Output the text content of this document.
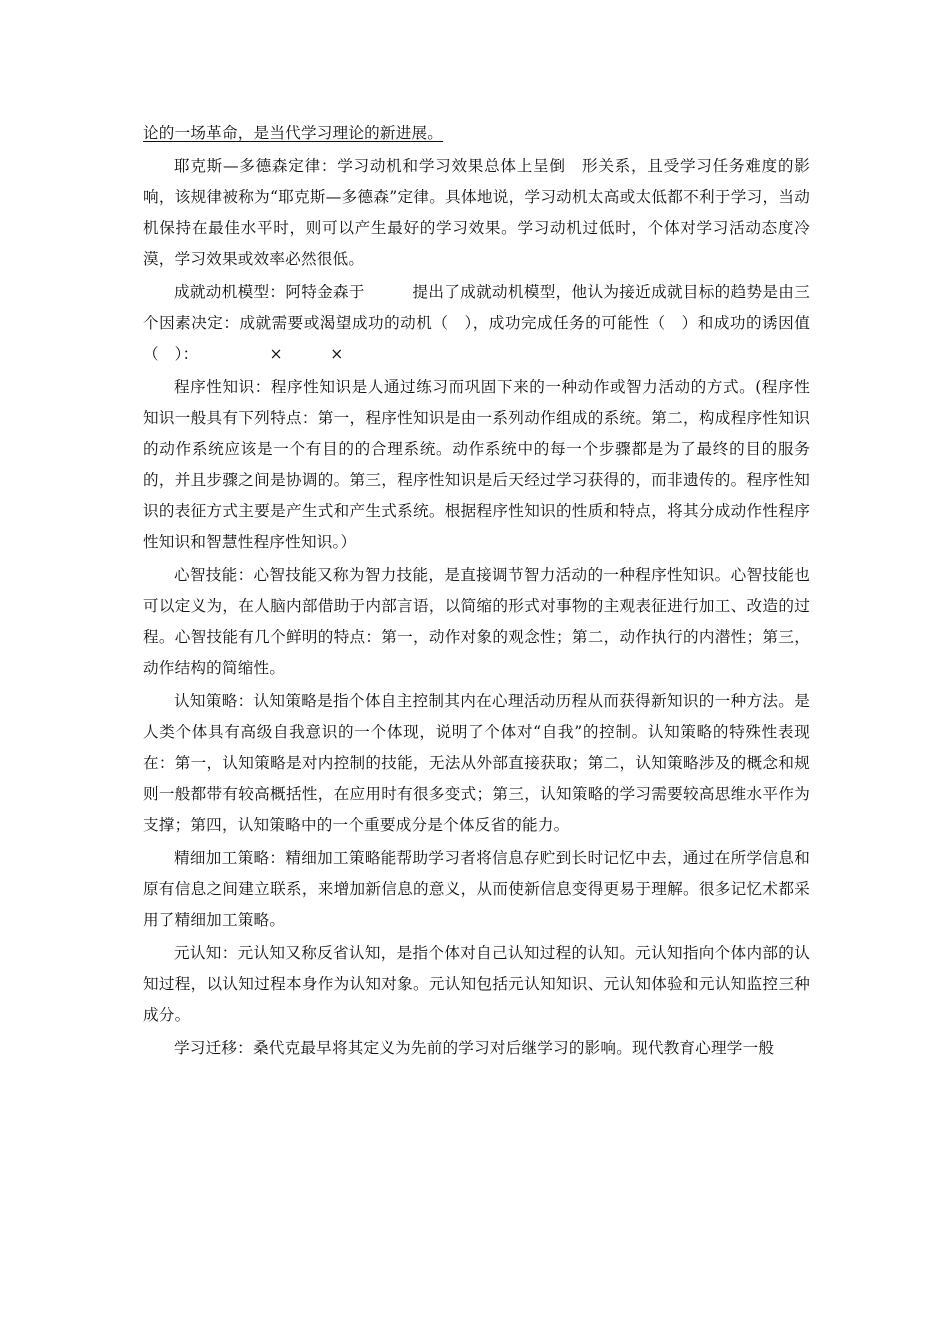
论的一场革命，是当代学习理论的新进展。

耶克斯—多德森定律：学习动机和学习效果总体上呈倒　形关系，且受学习任务难度的影响，该规律被称为“耶克斯—多德森”定律。具体地说，学习动机太高或太低都不利于学习，当动机保持在最佳水平时，则可以产生最好的学习效果。学习动机过低时，个体对学习活动态度冷漠，学习效果或效率必然很低。

成就动机模型：阿特金森于　　　提出了成就动机模型，他认为接近成就目标的趋势是由三个因素决定：成就需要或渴望成功的动机（　），成功完成任务的可能性（　）和成功的诱因值（　）：　　　　　×　　　×

程序性知识：程序性知识是人通过练习而巩固下来的一种动作或智力活动的方式。(程序性知识一般具有下列特点：第一，程序性知识是由一系列动作组成的系统。第二，构成程序性知识的动作系统应该是一个有目的的合理系统。动作系统中的每一个步骤都是为了最终的目的服务的，并且步骤之间是协调的。第三，程序性知识是后天经过学习获得的，而非遗传的。程序性知识的表征方式主要是产生式和产生式系统。根据程序性知识的性质和特点，将其分成动作性程序性知识和智慧性程序性知识。）

心智技能：心智技能又称为智力技能，是直接调节智力活动的一种程序性知识。心智技能也可以定义为，在人脑内部借助于内部言语，以简缩的形式对事物的主观表征进行加工、改造的过程。心智技能有几个鲜明的特点：第一，动作对象的观念性；第二，动作执行的内潜性；第三，动作结构的简缩性。

认知策略：认知策略是指个体自主控制其内在心理活动历程从而获得新知识的一种方法。是人类个体具有高级自我意识的一个体现，说明了个体对“自我”的控制。认知策略的特殊性表现在：第一，认知策略是对内控制的技能，无法从外部直接获取；第二，认知策略涉及的概念和规则一般都带有较高概括性，在应用时有很多变式；第三，认知策略的学习需要较高思维水平作为支撑；第四，认知策略中的一个重要成分是个体反省的能力。

精细加工策略：精细加工策略能帮助学习者将信息存贮到长时记忆中去，通过在所学信息和原有信息之间建立联系，来增加新信息的意义，从而使新信息变得更易于理解。很多记忆术都采用了精细加工策略。

元认知：元认知又称反省认知，是指个体对自己认知过程的认知。元认知指向个体内部的认知过程，以认知过程本身作为认知对象。元认知包括元认知知识、元认知体验和元认知监控三种成分。

学习迁移：桑代克最早将其定义为先前的学习对后继学习的影响。现代教育心理学一般
